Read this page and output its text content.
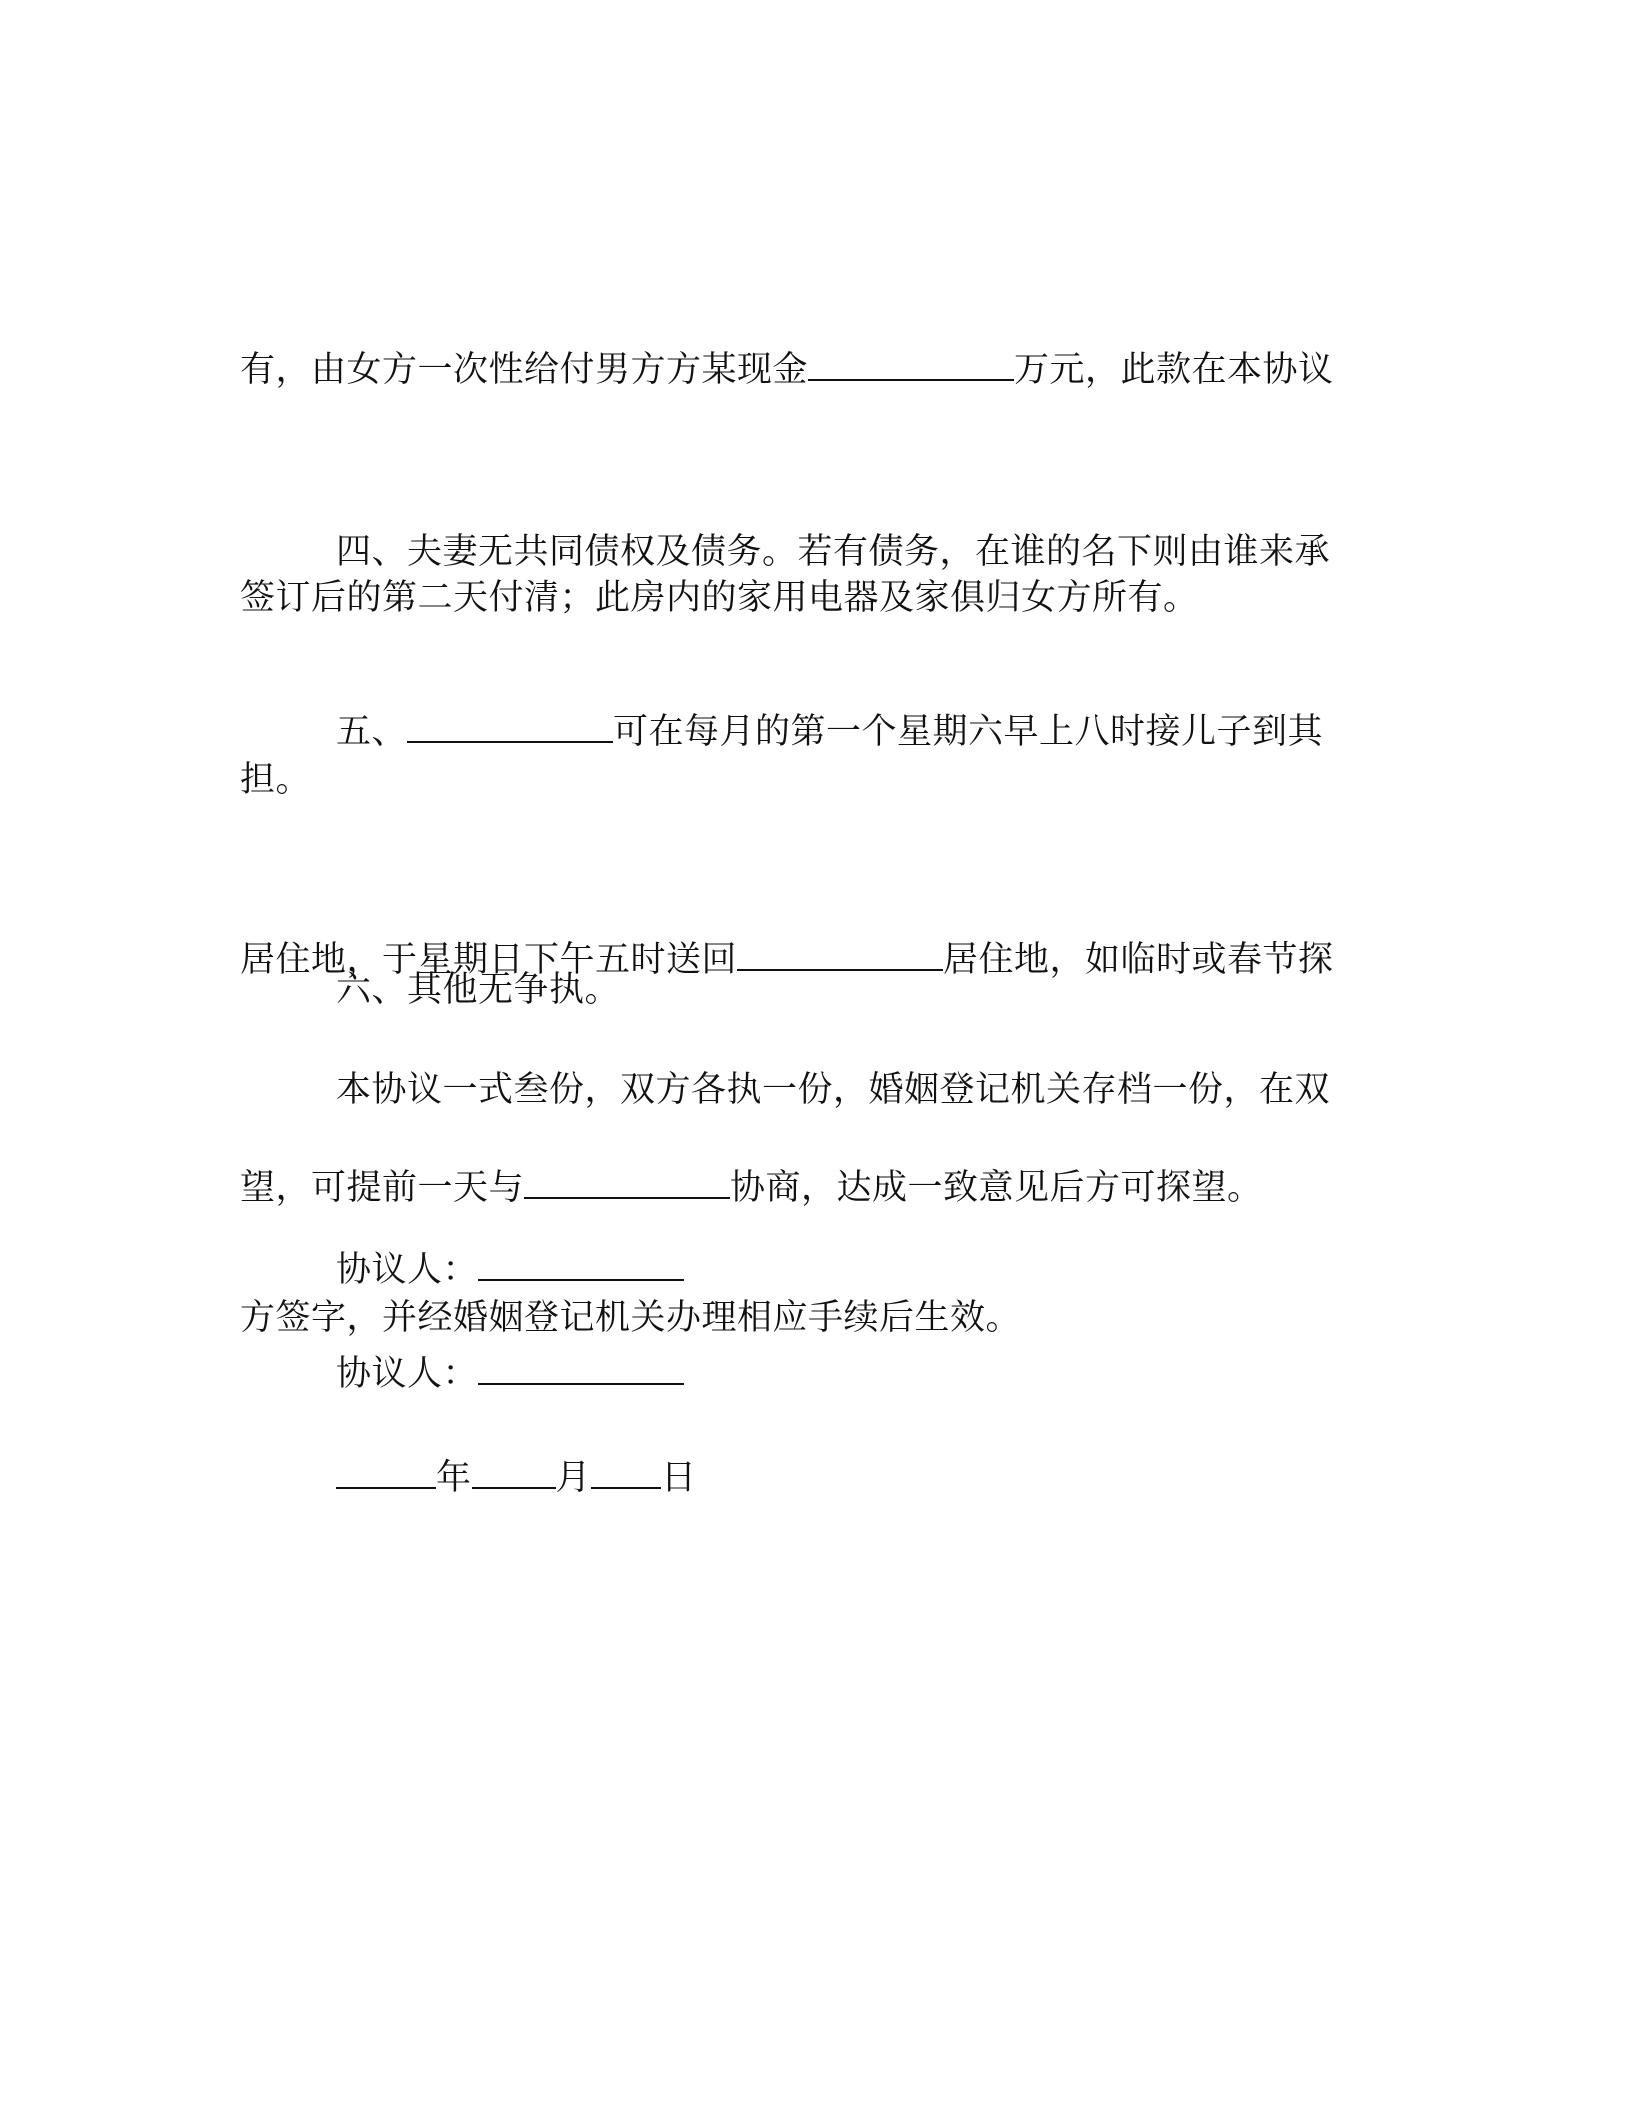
有，由女方一次性给付男方方某现金	万元，此款在本协议

签订后的第二天付清；此房内的家用电器及家俱归女方所有。

四、夫妻无共同债权及债务。若有债务，在谁的名下则由谁来承

担。

五、	可在每月的第一个星期六早上八时接儿子到其

居住地，于星期日下午五时送回	居住地，如临时或春节探

望，可提前一天与	协商，达成一致意见后方可探望。

六、其他无争执。

本协议一式叁份，双方各执一份，婚姻登记机关存档一份，在双

方签字，并经婚姻登记机关办理相应手续后生效。

协议人：

协议人：

年 月 日
